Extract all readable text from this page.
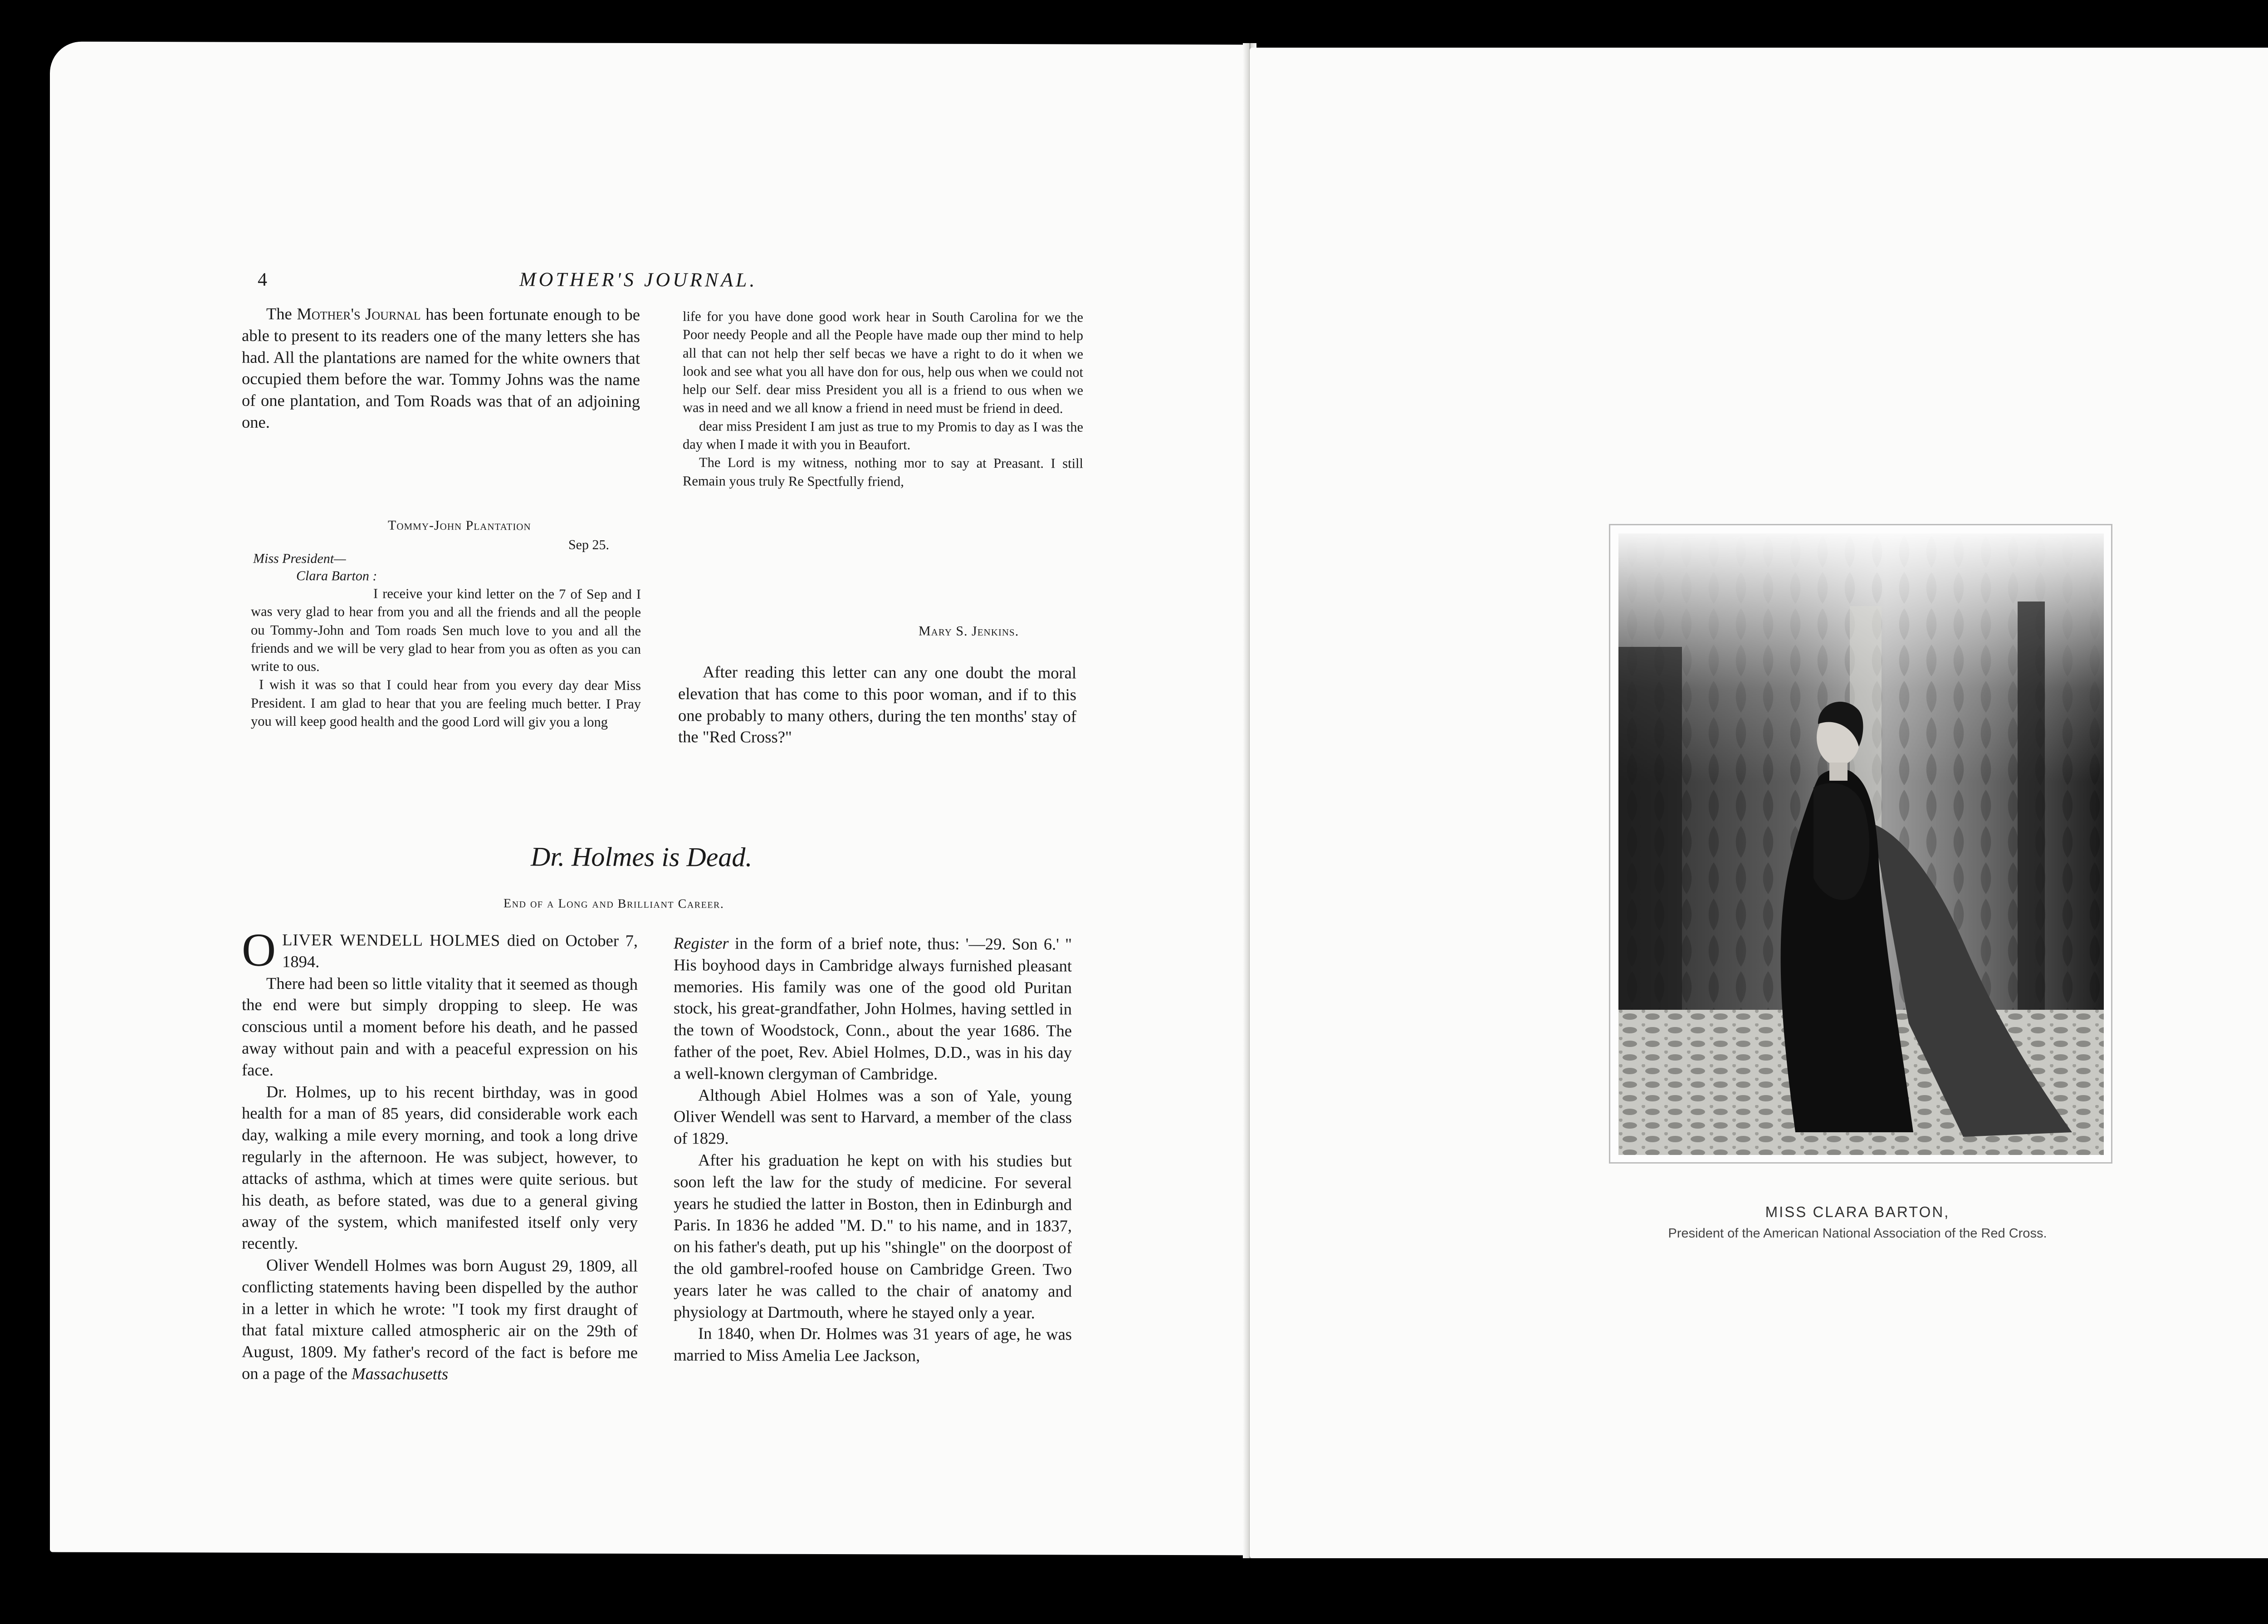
4	MOTHER'S JOURNAL.

The Mother's Journal has been fortunate enough to be able to present to its readers one of the many letters she has had. All the plantations are named for the white owners that occupied them before the war. Tommy Johns was the name of one plantation, and Tom Roads was that of an adjoining one.

Tommy-John Plantation
Sep 25.
Miss President—
Clara Barton :

I receive your kind letter on the 7 of Sep and I was very glad to hear from you and all the friends and all the people ou Tommy-John and Tom roads Sen much love to you and all the friends and we will be very glad to hear from you as often as you can write to ous.

I wish it was so that I could hear from you every day dear Miss President. I am glad to hear that you are feeling much better. I Pray you will keep good health and the good Lord will giv you a long

life for you have done good work hear in South Carolina for we the Poor needy People and all the People have made oup ther mind to help all that can not help ther self becas we have a right to do it when we look and see what you all have don for ous, help ous when we could not help our Self. dear miss President you all is a friend to ous when we was in need and we all know a friend in need must be friend in deed.

dear miss President I am just as true to my Promis to day as I was the day when I made it with you in Beaufort.

The Lord is my witness, nothing mor to say at Preasant. I still Remain yous truly Re Spectfully friend,

Mary S. Jenkins.

After reading this letter can any one doubt the moral elevation that has come to this poor woman, and if to this one probably to many others, during the ten months' stay of the "Red Cross?"

Dr. Holmes is Dead.
End of a Long and Brilliant Career.

OLIVER WENDELL HOLMES died on October 7, 1894.

There had been so little vitality that it seemed as though the end were but simply dropping to sleep. He was conscious until a moment before his death, and he passed away without pain and with a peaceful expression on his face.

Dr. Holmes, up to his recent birthday, was in good health for a man of 85 years, did considerable work each day, walking a mile every morning, and took a long drive regularly in the afternoon. He was subject, however, to attacks of asthma, which at times were quite serious. but his death, as before stated, was due to a general giving away of the system, which manifested itself only very recently.

Oliver Wendell Holmes was born August 29, 1809, all conflicting statements having been dispelled by the author in a letter in which he wrote: "I took my first draught of that fatal mixture called atmospheric air on the 29th of August, 1809. My father's record of the fact is before me on a page of the Massachusetts

Register in the form of a brief note, thus: '—29. Son 6.' " His boyhood days in Cambridge always furnished pleasant memories. His family was one of the good old Puritan stock, his great-grandfather, John Holmes, having settled in the town of Woodstock, Conn., about the year 1686. The father of the poet, Rev. Abiel Holmes, D.D., was in his day a well-known clergyman of Cambridge.

Although Abiel Holmes was a son of Yale, young Oliver Wendell was sent to Harvard, a member of the class of 1829.

After his graduation he kept on with his studies but soon left the law for the study of medicine. For several years he studied the latter in Boston, then in Edinburgh and Paris. In 1836 he added "M. D." to his name, and in 1837, on his father's death, put up his "shingle" on the doorpost of the old gambrel-roofed house on Cambridge Green. Two years later he was called to the chair of anatomy and physiology at Dartmouth, where he stayed only a year.

In 1840, when Dr. Holmes was 31 years of age, he was married to Miss Amelia Lee Jackson,

MISS CLARA BARTON,
President of the American National Association of the Red Cross.
